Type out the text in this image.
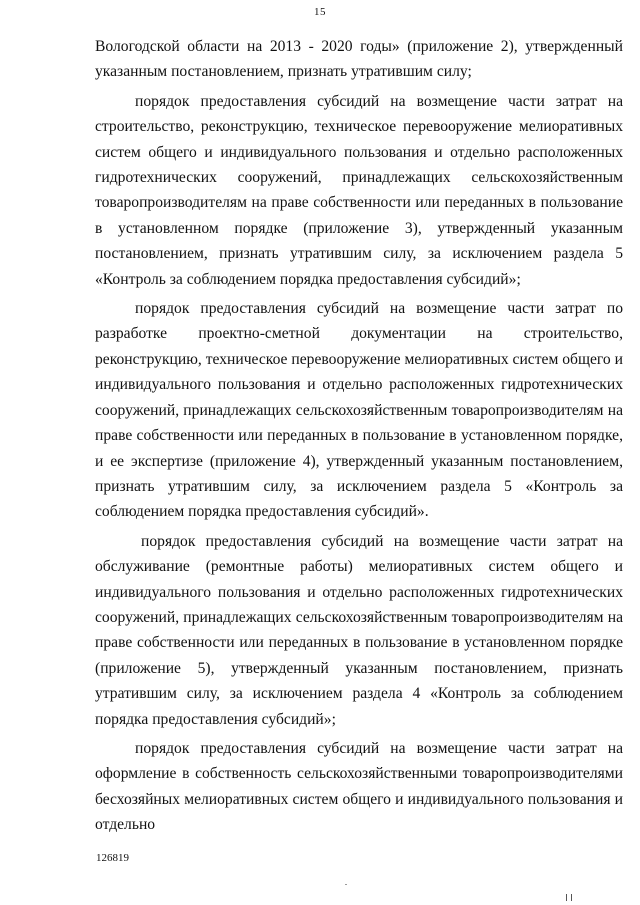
15

Вологодской области на 2013 - 2020 годы» (приложение 2), утвержденный указанным постановлением, признать утратившим силу;

порядок предоставления субсидий на возмещение части затрат на строительство, реконструкцию, техническое перевооружение мелиоративных систем общего и индивидуального пользования и отдельно расположенных гидротехнических сооружений, принадлежащих сельскохозяйственным товаропроизводителям на праве собственности или переданных в пользование в установленном порядке (приложение 3), утвержденный указанным постановлением, признать утратившим силу, за исключением раздела 5 «Контроль за соблюдением порядка предоставления субсидий»;

порядок предоставления субсидий на возмещение части затрат по разработке проектно-сметной документации на строительство, реконструкцию, техническое перевооружение мелиоративных систем общего и индивидуального пользования и отдельно расположенных гидротехнических сооружений, принадлежащих сельскохозяйственным товаропроизводителям на праве собственности или переданных в пользование в установленном порядке, и ее экспертизе (приложение 4), утвержденный указанным постановлением, признать утратившим силу, за исключением раздела 5 «Контроль за соблюдением порядка предоставления субсидий».

порядок предоставления субсидий на возмещение части затрат на обслуживание (ремонтные работы) мелиоративных систем общего и индивидуального пользования и отдельно расположенных гидротехнических сооружений, принадлежащих сельскохозяйственным товаропроизводителям на праве собственности или переданных в пользование в установленном порядке (приложение 5), утвержденный указанным постановлением, признать утратившим силу, за исключением раздела 4 «Контроль за соблюдением порядка предоставления субсидий»;

порядок предоставления субсидий на возмещение части затрат на оформление в собственность сельскохозяйственными товаропроизводителями бесхозяйных мелиоративных систем общего и индивидуального пользования и отдельно

126819
